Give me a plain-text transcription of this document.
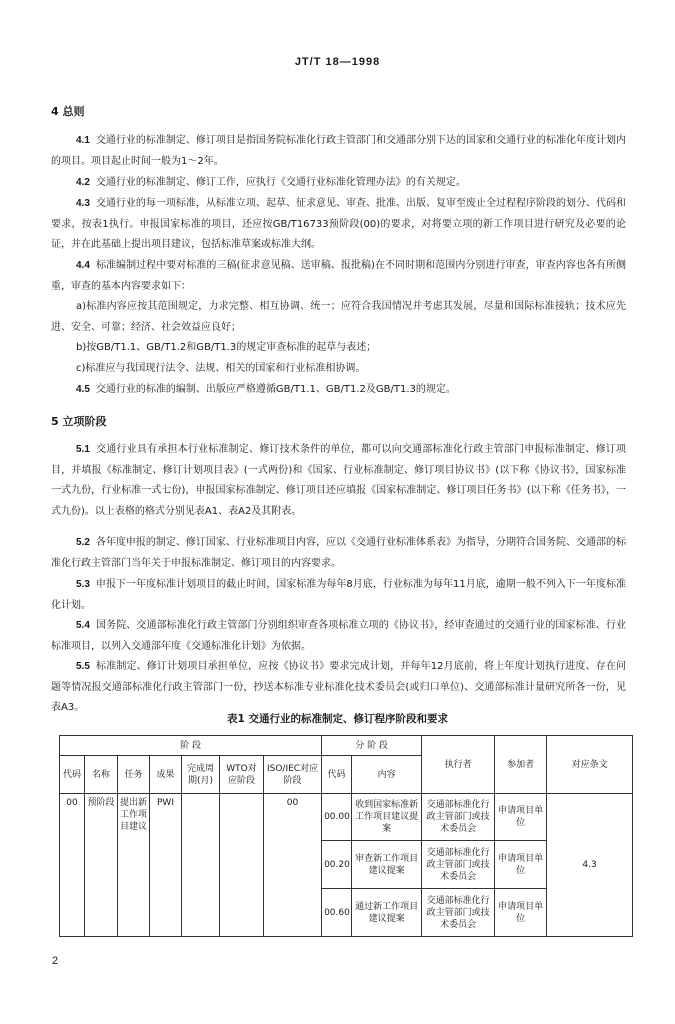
JT/T 18—1998
4 总则
4.1 交通行业的标准制定、修订项目是指国务院标准化行政主管部门和交通部分别下达的国家和交通行业的标准化年度计划内的项目。项目起止时间一般为1～2年。
4.2 交通行业的标准制定、修订工作，应执行《交通行业标准化管理办法》的有关规定。
4.3 交通行业的每一项标准，从标准立项、起草、征求意见、审查、批准、出版、复审至废止全过程程序阶段的划分、代码和要求，按表1执行。申报国家标准的项目，还应按GB/T16733预阶段(00)的要求，对将要立项的新工作项目进行研究及必要的论证，并在此基础上提出项目建议，包括标准草案或标准大纲。
4.4 标准编制过程中要对标准的三稿(征求意见稿、送审稿、报批稿)在不同时期和范围内分别进行审查，审查内容也各有所侧重，审查的基本内容要求如下：
a)标准内容应按其范围规定，力求完整、相互协调、统一；应符合我国情况并考虑其发展，尽量和国际标准接轨；技术应先进、安全、可靠；经济、社会效益应良好；
b)按GB/T1.1、GB/T1.2和GB/T1.3的规定审查标准的起草与表述；
c)标准应与我国现行法令、法规、相关的国家和行业标准相协调。
4.5 交通行业的标准的编制、出版应严格遵循GB/T1.1、GB/T1.2及GB/T1.3的规定。
5 立项阶段
5.1 交通行业具有承担本行业标准制定、修订技术条件的单位，都可以向交通部标准化行政主管部门申报标准制定、修订项目，并填报《标准制定、修订计划项目表》(一式两份)和《国家、行业标准制定、修订项目协议书》(以下称《协议书》，国家标准一式九份，行业标准一式七份)，申报国家标准制定、修订项目还应填报《国家标准制定、修订项目任务书》(以下称《任务书》，一式九份)。以上表格的格式分别见表A1、表A2及其附表。
5.2 各年度申报的制定、修订国家、行业标准项目内容，应以《交通行业标准体系表》为指导，分期符合国务院、交通部的标准化行政主管部门当年关于申报标准制定、修订项目的内容要求。
5.3 申报下一年度标准计划项目的截止时间，国家标准为每年8月底，行业标准为每年11月底，逾期一般不列入下一年度标准化计划。
5.4 国务院、交通部标准化行政主管部门分别组织审查各项标准立项的《协议书》，经审查通过的交通行业的国家标准、行业标准项目，以列入交通部年度《交通标准化计划》为依据。
5.5 标准制定、修订计划项目承担单位，应按《协议书》要求完成计划，并每年12月底前，将上年度计划执行进度、存在问题等情况报交通部标准化行政主管部门一份，抄送本标准专业标准化技术委员会(或归口单位)、交通部标准计量研究所各一份，见表A3。
表1 交通行业的标准制定、修订程序阶段和要求
阶 段							分 阶 段		执行者	参加者	对应条文
代码	名称	任务	成果	完成周期(月)	WTO对应阶段	ISO/IEC对应阶段	代码	内容			
00	预阶段	提出新工作项目建议	PWI			00	00.00	收到国家标准新工作项目建议提案	交通部标准化行政主管部门或技术委员会	申请项目单位	4.3
							00.20	审查新工作项目建议提案	交通部标准化行政主管部门或技术委员会	申请项目单位	
							00.60	通过新工作项目建议提案	交通部标准化行政主管部门或技术委员会	申请项目单位	
2
